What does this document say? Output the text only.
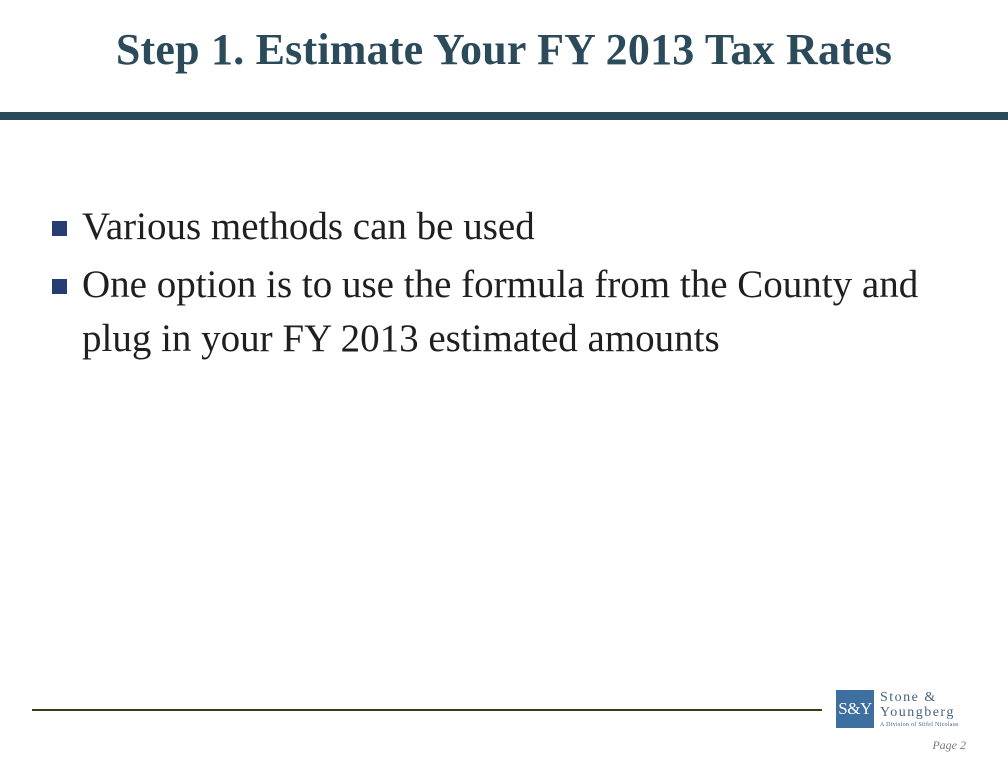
Step 1. Estimate Your FY 2013 Tax Rates
Various methods can be used
One option is to use the formula from the County and plug in your FY 2013 estimated amounts
S&Y
Stone &
Youngberg
A Division of Stifel Nicolaus
Page 2
